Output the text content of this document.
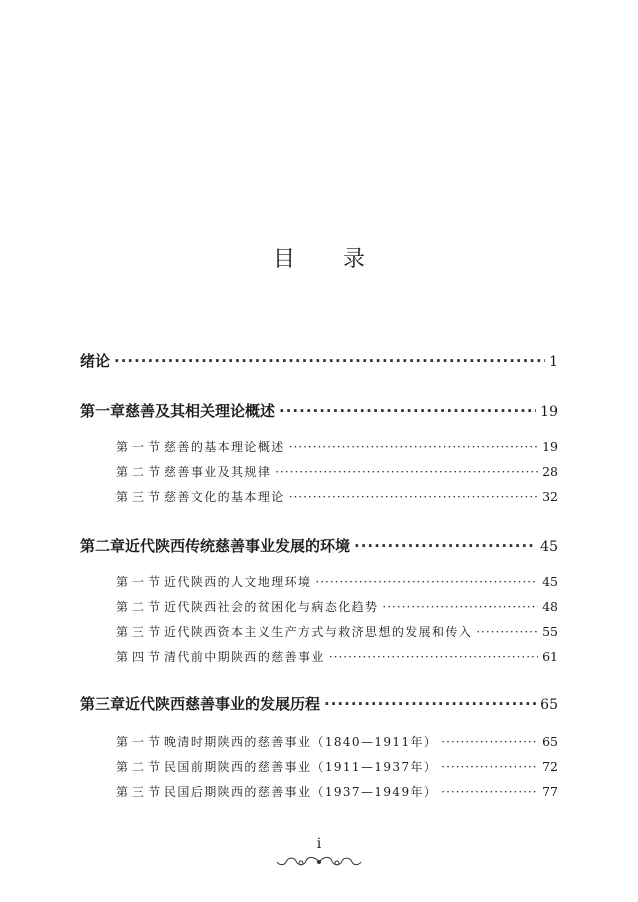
目录
绪论 ·····	1
第一章 慈善及其相关理论概述 ·····	19
第一节 慈善的基本理论概述 ·····	19
第二节 慈善事业及其规律 ·····	28
第三节 慈善文化的基本理论 ·····	32
第二章 近代陕西传统慈善事业发展的环境 ·····	45
第一节 近代陕西的人文地理环境 ·····	45
第二节 近代陕西社会的贫困化与病态化趋势 ·····	48
第三节 近代陕西资本主义生产方式与救济思想的发展和传入 ·····	55
第四节 清代前中期陕西的慈善事业 ·····	61
第三章 近代陕西慈善事业的发展历程 ·····	65
第一节 晚清时期陕西的慈善事业（1840—1911年） ·····	65
第二节 民国前期陕西的慈善事业（1911—1937年） ·····	72
第三节 民国后期陕西的慈善事业（1937—1949年） ·····	77
i
